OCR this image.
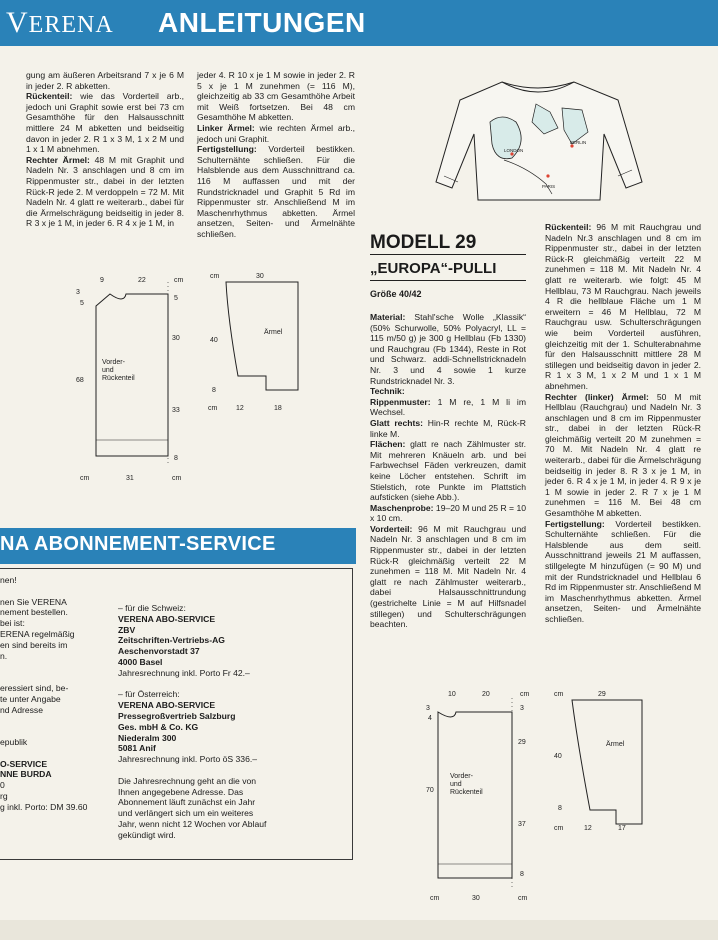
VERENA ANLEITUNGEN

gung am äußeren Arbeitsrand 7 x je 6 M in jeder 2. R abketten.

Rückenteil: wie das Vorderteil arb., jedoch uni Graphit sowie erst bei 73 cm Gesamthöhe für den Halsausschnitt mittlere 24 M abketten und beidseitig davon in jeder 2. R 1 x 3 M, 1 x 2 M und 1 x 1 M abnehmen.

Rechter Ärmel: 48 M mit Graphit und Nadeln Nr. 3 anschlagen und 8 cm im Rippenmuster str., dabei in der letzten Rück-R jede 2. M verdoppeln = 72 M. Mit Nadeln Nr. 4 glatt re weiterarb., dabei für die Ärmelschrägung beidseitig in jeder 8. R 3 x je 1 M, in jeder 6. R 4 x je 1 M, in

jeder 4. R 10 x je 1 M sowie in jeder 2. R 5 x je 1 M zunehmen (= 116 M), gleichzeitig ab 33 cm Gesamthöhe Arbeit mit Weiß fortsetzen. Bei 48 cm Gesamthöhe M abketten.

Linker Ärmel: wie rechten Ärmel arb., jedoch uni Graphit.

Fertigstellung: Vorderteil bestikken. Schulternähte schließen. Für die Halsblende aus dem Ausschnittrand ca. 116 M auffassen und mit der Rundstricknadel und Graphit 5 Rd im Rippenmuster str. Anschließend M im Maschenrhythmus abketten. Ärmel ansetzen, Seiten- und Ärmelnähte schließen.

9	22	cm
3
5
5
30
33
8
68
cm	31	cm
Vorder-
und
Rückenteil
cm	30
40
8
cm	12	18
Ärmel
LONDON
BERLIN
PARIS
MODELL 29
„EUROPA“-PULLI
Größe 40/42

Material: Stahl'sche Wolle „Klassik“ (50% Schurwolle, 50% Polyacryl, LL = 115 m/50 g) je 300 g Hellblau (Fb 1330) und Rauchgrau (Fb 1344), Reste in Rot und Schwarz. addi-Schnellstricknadeln Nr. 3 und 4 sowie 1 kurze Rundstricknadel Nr. 3.

Technik:

Rippenmuster: 1 M re, 1 M li im Wechsel.

Glatt rechts: Hin-R rechte M, Rück-R linke M.

Flächen: glatt re nach Zählmuster str. Mit mehreren Knäueln arb. und bei Farbwechsel Fäden verkreuzen, damit keine Löcher entstehen. Schrift im Stielstich, rote Punkte im Plattstich aufsticken (siehe Abb.).

Maschenprobe: 19–20 M und 25 R = 10 x 10 cm.

Vorderteil: 96 M mit Rauchgrau und Nadeln Nr. 3 anschlagen und 8 cm im Rippenmuster str., dabei in der letzten Rück-R gleichmäßig verteilt 22 M zunehmen = 118 M. Mit Nadeln Nr. 4 glatt re nach Zählmuster weiterarb., dabei Halsausschnittrundung (gestrichelte Linie = M auf Hilfsnadel stillegen) und Schulterschrägungen beachten.

Rückenteil: 96 M mit Rauchgrau und Nadeln Nr.3 anschlagen und 8 cm im Rippenmuster str., dabei in der letzten Rück-R gleichmäßig verteilt 22 M zunehmen = 118 M. Mit Nadeln Nr. 4 glatt re weiterarb. wie folgt: 45 M Hellblau, 73 M Rauchgrau. Nach jeweils 4 R die hellblaue Fläche um 1 M erweitern = 46 M Hellblau, 72 M Rauchgrau usw. Schulterschrägungen wie beim Vorderteil ausführen, gleichzeitig mit der 1. Schulterabnahme für den Halsausschnitt mittlere 28 M stillegen und beidseitig davon in jeder 2. R 1 x 3 M, 1 x 2 M und 1 x 1 M abnehmen.

Rechter (linker) Ärmel: 50 M mit Hellblau (Rauchgrau) und Nadeln Nr. 3 anschlagen und 8 cm im Rippenmuster str., dabei in der letzten Rück-R gleichmäßig verteilt 20 M zunehmen = 70 M. Mit Nadeln Nr. 4 glatt re weiterarb., dabei für die Ärmelschrägung beidseitig in jeder 8. R 3 x je 1 M, in jeder 6. R 4 x je 1 M, in jeder 4. R 9 x je 1 M sowie in jeder 2. R 7 x je 1 M zunehmen = 116 M. Bei 48 cm Gesamthöhe M abketten.

Fertigstellung: Vorderteil bestikken. Schulternähte schließen. Für die Halsblende aus dem seitl. Ausschnittrand jeweils 21 M auffassen, stillgelegte M hinzufügen (= 90 M) und mit der Rundstricknadel und Hellblau 6 Rd im Rippenmuster str. Anschließend M im Maschenrhythmus abketten. Ärmel ansetzen, Seiten- und Ärmelnähte schließen.

10	20	cm
3
4
3
29
37
8
70
cm	30	cm
Vorder-
und
Rückenteil
cm	29
40
8
cm	12	17
Ärmel
NA ABONNEMENT-SERVICE

nen!

nen Sie VERENA

nement bestellen.

bei ist:

ERENA regelmäßig

en sind bereits im

n.

eressiert sind, be-

te unter Angabe

nd Adresse

epublik

O-SERVICE

NNE BURDA

0

rg

g inkl. Porto: DM 39.60

– für die Schweiz:

VERENA ABO-SERVICE

ZBV

Zeitschriften-Vertriebs-AG

Aeschenvorstadt 37

4000 Basel

Jahresrechnung inkl. Porto Fr 42.–

– für Österreich:

VERENA ABO-SERVICE

Pressegroßvertrieb Salzburg

Ges. mbH & Co. KG

Niederalm 300

5081 Anif

Jahresrechnung inkl. Porto öS 336.–

Die Jahresrechnung geht an die von Ihnen angegebene Adresse. Das Abonnement läuft zunächst ein Jahr und verlängert sich um ein weiteres Jahr, wenn nicht 12 Wochen vor Ablauf gekündigt wird.
